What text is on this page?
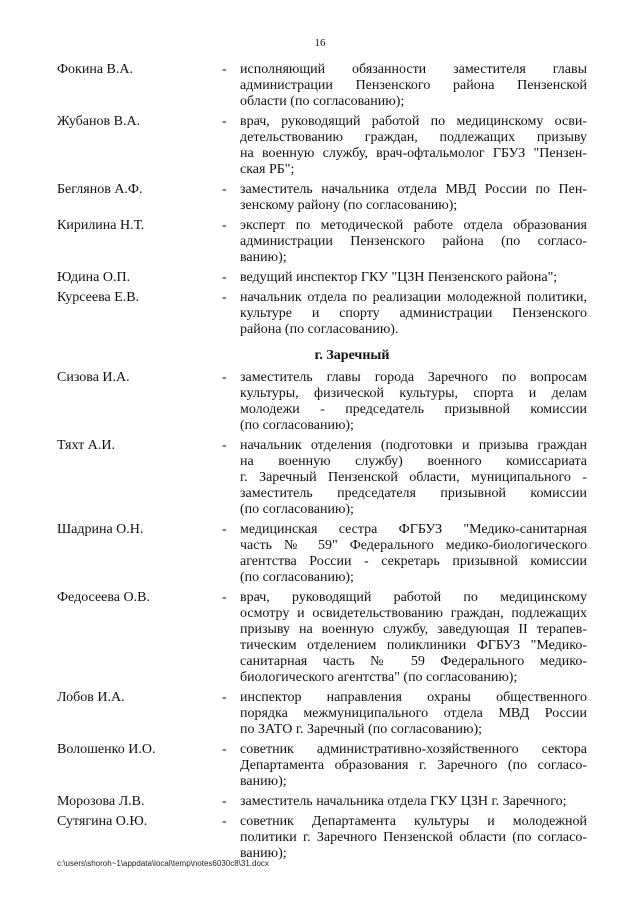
16
Фокина В.А.	- исполняющий обязанности заместителя главы
администрации Пензенского района Пензенской
области (по согласованию);
Жубанов В.А.	- врач, руководящий работой по медицинскому осви-
детельствованию граждан, подлежащих призыву
на военную службу, врач-офтальмолог ГБУЗ "Пензен-
ская РБ";
Беглянов А.Ф.	- заместитель начальника отдела МВД России по Пен-
зенскому району (по согласованию);
Кирилина Н.Т.	- эксперт по методической работе отдела образования
администрации Пензенского района (по согласо-
ванию);
Юдина О.П.	- ведущий инспектор ГКУ "ЦЗН Пензенского района";
Курсеева Е.В.	- начальник отдела по реализации молодежной политики,
культуре и спорту администрации Пензенского
района (по согласованию).
г. Заречный
Сизова И.А.	- заместитель главы города Заречного по вопросам
культуры, физической культуры, спорта и делам
молодежи - председатель призывной комиссии
(по согласованию);
Тяхт А.И.	- начальник отделения (подготовки и призыва граждан
на военную службу) военного комиссариата
г. Заречный Пензенской области, муниципального -
заместитель председателя призывной комиссии
(по согласованию);
Шадрина О.Н.	- медицинская сестра ФГБУЗ "Медико-санитарная
часть № 59" Федерального медико-биологического
агентства России - секретарь призывной комиссии
(по согласованию);
Федосеева О.В.	- врач, руководящий работой по медицинскому
осмотру и освидетельствованию граждан, подлежащих
призыву на военную службу, заведующая II терапев-
тическим отделением поликлиники ФГБУЗ "Медико-
санитарная часть № 59 Федерального медико-
биологического агентства" (по согласованию);
Лобов И.А.	- инспектор направления охраны общественного
порядка межмуниципального отдела МВД России
по ЗАТО г. Заречный (по согласованию);
Волошенко И.О.	- советник административно-хозяйственного сектора
Департамента образования г. Заречного (по согласо-
ванию);
Морозова Л.В.	- заместитель начальника отдела ГКУ ЦЗН г. Заречного;
Сутягина О.Ю.	- советник Департамента культуры и молодежной
политики г. Заречного Пензенской области (по согласо-
ванию);
c:\users\shoroh~1\appdata\local\temp\notes6030c8\31.docx
